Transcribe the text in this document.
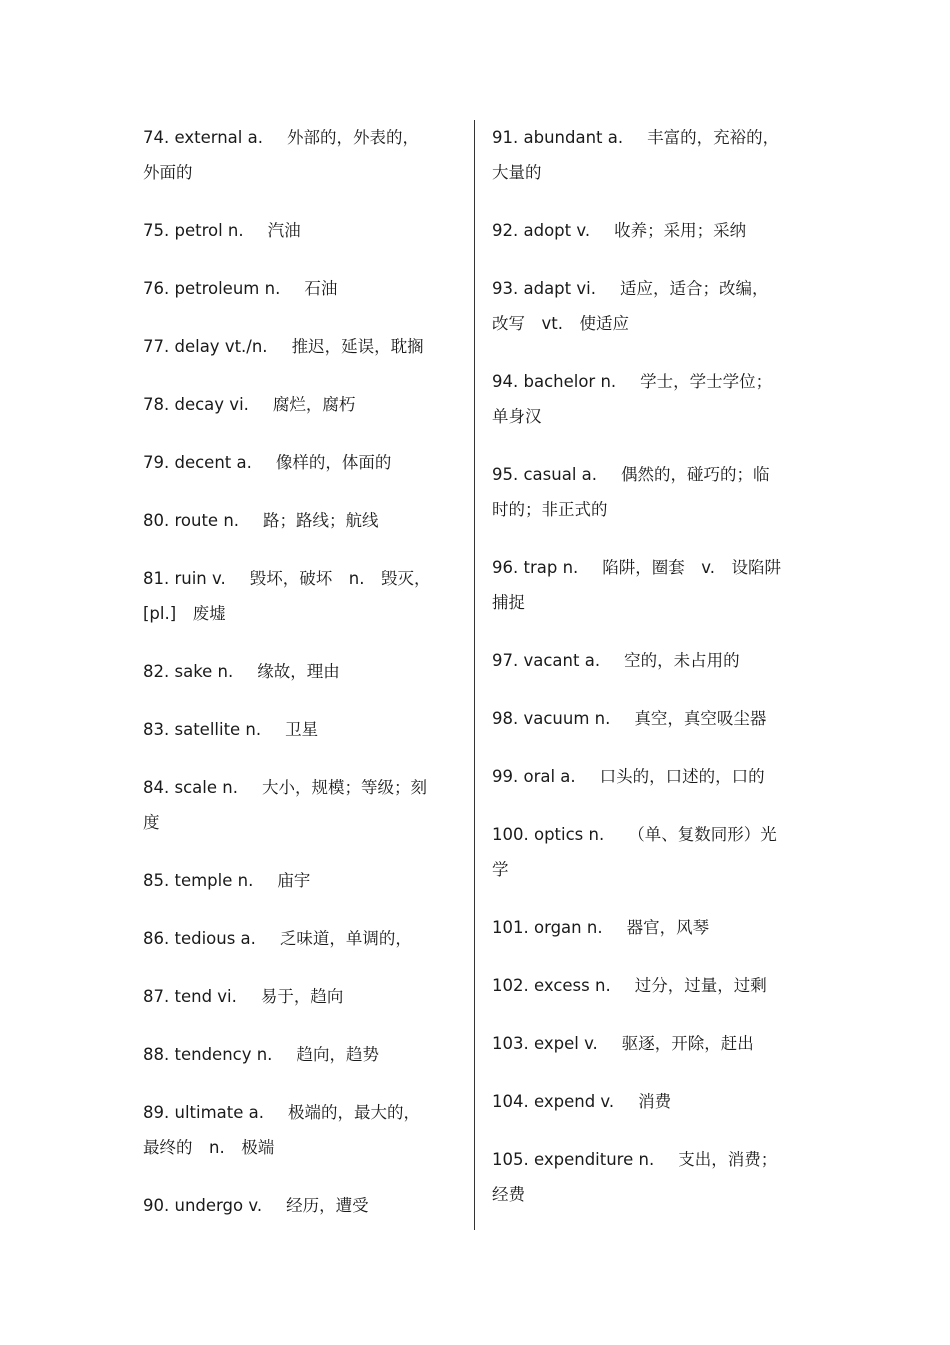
74. external a. 外部的，外表的，
外面的
75. petrol n. 汽油
76. petroleum n. 石油
77. delay vt./n. 推迟，延误，耽搁
78. decay vi. 腐烂，腐朽
79. decent a. 像样的，体面的
80. route n. 路；路线；航线
81. ruin v. 毁坏，破坏　n.　毁灭，
[pl.]　废墟
82. sake n. 缘故，理由
83. satellite n. 卫星
84. scale n. 大小，规模；等级；刻
度
85. temple n. 庙宇
86. tedious a. 乏味道，单调的，
87. tend vi. 易于，趋向
88. tendency n. 趋向，趋势
89. ultimate a. 极端的，最大的，
最终的　n.　极端
90. undergo v. 经历，遭受
91. abundant a. 丰富的，充裕的，
大量的
92. adopt v. 收养；采用；采纳
93. adapt vi. 适应，适合；改编，
改写　vt.　使适应
94. bachelor n. 学士，学士学位；
单身汉
95. casual a. 偶然的，碰巧的；临
时的；非正式的
96. trap n. 陷阱，圈套　v.　设陷阱
捕捉
97. vacant a. 空的，未占用的
98. vacuum n. 真空，真空吸尘器
99. oral a. 口头的，口述的，口的
100. optics n. （单、复数同形）光
学
101. organ n. 器官，风琴
102. excess n. 过分，过量，过剩
103. expel v. 驱逐，开除，赶出
104. expend v. 消费
105. expenditure n. 支出，消费；
经费
